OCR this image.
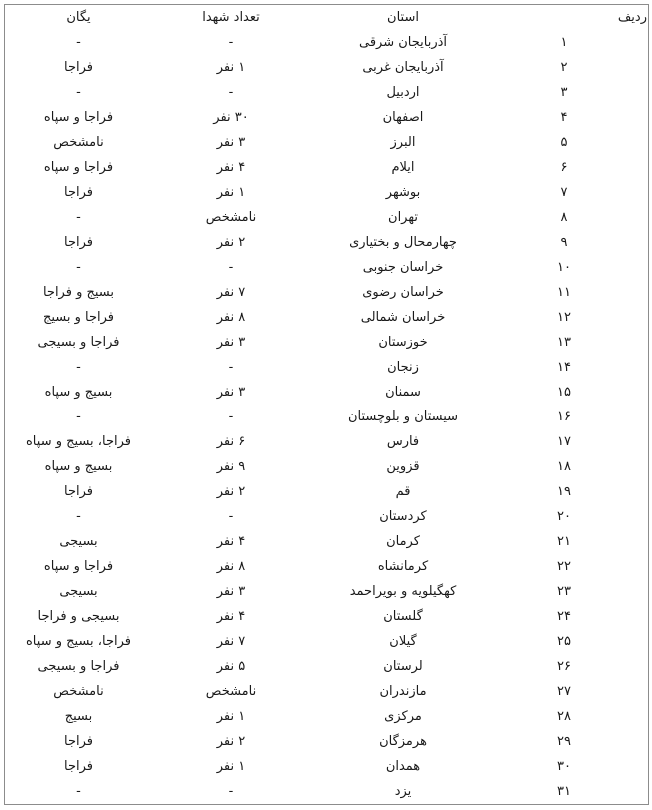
ردیف
استان
تعداد شهدا
یگان
۱
آذربایجان شرقی
-
-
۲
آذربایجان غربی
۱ نفر
فراجا
۳
اردبیل
-
-
۴
اصفهان
۳۰ نفر
فراجا و سپاه
۵
البرز
۳ نفر
نامشخص
۶
ایلام
۴ نفر
فراجا و سپاه
۷
بوشهر
۱ نفر
فراجا
۸
تهران
نامشخص
-
۹
چهارمحال و بختیاری
۲ نفر
فراجا
۱۰
خراسان جنوبی
-
-
۱۱
خراسان رضوی
۷ نفر
بسیج و فراجا
۱۲
خراسان شمالی
۸ نفر
فراجا و بسیج
۱۳
خوزستان
۳ نفر
فراجا و بسیجی
۱۴
زنجان
-
-
۱۵
سمنان
۳ نفر
بسیج و سپاه
۱۶
سیستان و بلوچستان
-
-
۱۷
فارس
۶ نفر
فراجا، بسیج و سپاه
۱۸
قزوین
۹ نفر
بسیج و سپاه
۱۹
قم
۲ نفر
فراجا
۲۰
کردستان
-
-
۲۱
کرمان
۴ نفر
بسیجی
۲۲
کرمانشاه
۸ نفر
فراجا و سپاه
۲۳
کهگیلویه و بویراحمد
۳ نفر
بسیجی
۲۴
گلستان
۴ نفر
بسیجی و فراجا
۲۵
گیلان
۷ نفر
فراجا، بسیج و سپاه
۲۶
لرستان
۵ نفر
فراجا و بسیجی
۲۷
مازندران
نامشخص
نامشخص
۲۸
مرکزی
۱ نفر
بسیج
۲۹
هرمزگان
۲ نفر
فراجا
۳۰
همدان
۱ نفر
فراجا
۳۱
یزد
-
-
